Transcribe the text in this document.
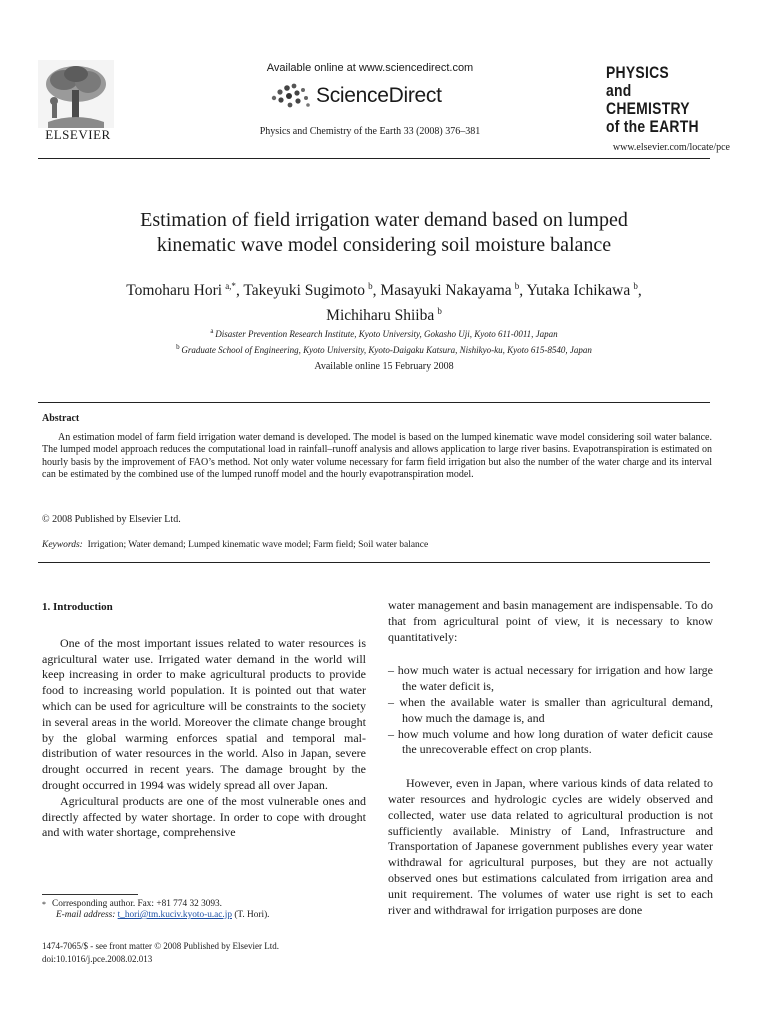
ELSEVIER
Available online at www.sciencedirect.com
ScienceDirect
Physics and Chemistry of the Earth 33 (2008) 376–381
PHYSICS
and CHEMISTRY
of the EARTH
www.elsevier.com/locate/pce
Estimation of field irrigation water demand based on lumped
kinematic wave model considering soil moisture balance
Tomoharu Hori  $^{a,*}$, Takeyuki Sugimoto  $^b$, Masayuki Nakayama  $^b$, Yutaka Ichikawa  $^b$,
Michiharu Shiiba  $^b$
$^a$  Disaster Prevention Research Institute, Kyoto University, Gokasho Uji, Kyoto 611-0011, Japan
$^b$  Graduate School of Engineering, Kyoto University, Kyoto-Daigaku Katsura, Nishikyo-ku, Kyoto 615-8540, Japan
Available online 15 February 2008
Abstract
An estimation model of farm field irrigation water demand is developed. The model is based on the lumped kinematic wave model considering soil water balance. The lumped model approach reduces the computational load in rainfall–runoff analysis and allows application to large river basins. Evapotranspiration is estimated on hourly basis by the improvement of FAO’s method. Not only water volume necessary for farm field irrigation but also the number of the water charge and its interval can be estimated by the combined use of the lumped runoff model and the hourly evapotranspiration model.
© 2008 Published by Elsevier Ltd.
Keywords: Irrigation; Water demand; Lumped kinematic wave model; Farm field; Soil water balance
1. Introduction

One of the most important issues related to water resources is agricultural water use. Irrigated water demand in the world will keep increasing in order to make agricultural products to provide food to increasing world population. It is pointed out that water which can be used for agriculture will be constraints to the society in several areas in the world. Moreover the climate change brought by the global warming enforces spatial and temporal mal-distribution of water resources in the world. Also in Japan, severe drought occurred in recent years. The damage brought by the drought occurred in 1994 was widely spread all over Japan.

Agricultural products are one of the most vulnerable ones and directly affected by water shortage. In order to cope with drought and with water shortage, comprehensive

water management and basin management are indispensable. To do that from agricultural point of view, it is necessary to know quantitatively:

– how much water is actual necessary for irrigation and how large the water deficit is,
– when the available water is smaller than agricultural demand, how much the damage is, and
– how much volume and how long duration of water deficit cause the unrecoverable effect on crop plants.

However, even in Japan, where various kinds of data related to water resources and hydrologic cycles are widely observed and collected, water use data related to agricultural production is not sufficiently available. Ministry of Land, Infrastructure and Transportation of Japanese government publishes every year water withdrawal for agricultural purposes, but they are not actually observed ones but estimations calculated from irrigation area and unit requirement. The volumes of water use right is set to each river and withdrawal for irrigation purposes are done

* Corresponding author. Fax: +81 774 32 3093.
E-mail address: t_hori@tm.kuciv.kyoto-u.ac.jp (T. Hori).
1474-7065/$ - see front matter © 2008 Published by Elsevier Ltd.
doi:10.1016/j.pce.2008.02.013
